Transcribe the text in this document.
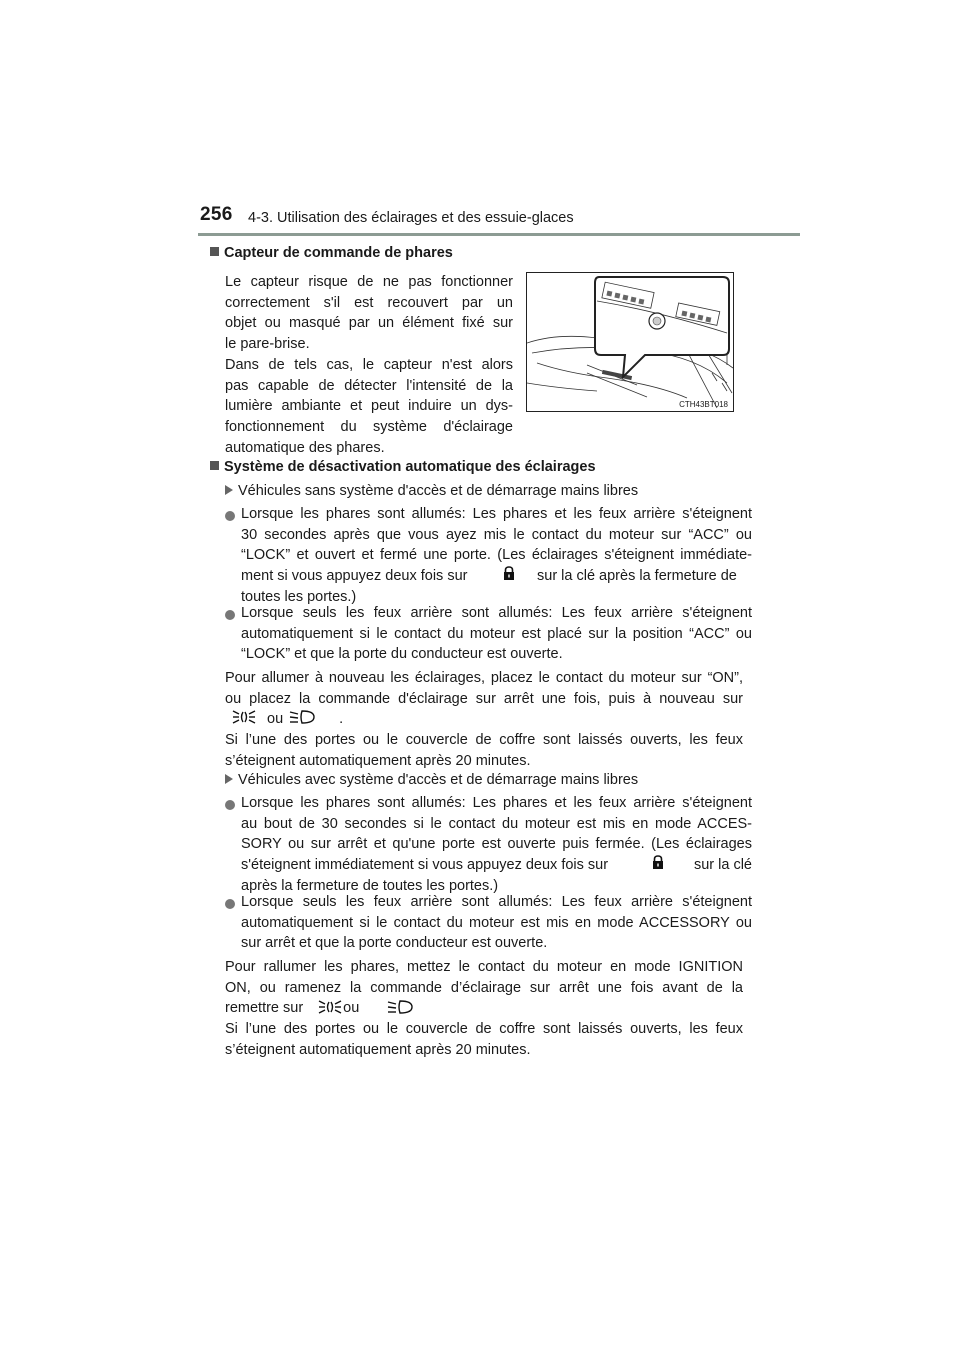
256 4-3. Utilisation des éclairages et des essuie-glaces
Capteur de commande de phares
Le capteur risque de ne pas fonctionner
correctement s'il est recouvert par un
objet ou masqué par un élément fixé sur
le pare-brise.
Dans de tels cas, le capteur n'est alors
pas capable de détecter l'intensité de la
lumière ambiante et peut induire un dys-
fonctionnement du système d'éclairage
automatique des phares.
CTH43BT018
Système de désactivation automatique des éclairages
Véhicules sans système d'accès et de démarrage mains libres
Lorsque les phares sont allumés: Les phares et les feux arrière s'éteignent
30 secondes après que vous ayez mis le contact du moteur sur “ACC” ou
“LOCK” et ouvert et fermé une porte. (Les éclairages s'éteignent immédiate-
ment si vous appuyez deux fois sur	sur la clé après la fermeture de
toutes les portes.)
Lorsque seuls les feux arrière sont allumés: Les feux arrière s'éteignent
automatiquement si le contact du moteur est placé sur la position “ACC” ou
“LOCK” et que la porte du conducteur est ouverte.
Pour allumer à nouveau les éclairages, placez le contact du moteur sur “ON”,
ou placez la commande d'éclairage sur arrêt une fois, puis à nouveau sur
ou	.
Si l’une des portes ou le couvercle de coffre sont laissés ouverts, les feux
s’éteignent automatiquement après 20 minutes.
Véhicules avec système d'accès et de démarrage mains libres
Lorsque les phares sont allumés: Les phares et les feux arrière s'éteignent
au bout de 30 secondes si le contact du moteur est mis en mode ACCES-
SORY ou sur arrêt et qu'une porte est ouverte puis fermée. (Les éclairages
s'éteignent immédiatement si vous appuyez deux fois sur	sur la clé
après la fermeture de toutes les portes.)
Lorsque seuls les feux arrière sont allumés: Les feux arrière s'éteignent
automatiquement si le contact du moteur est mis en mode ACCESSORY ou
sur arrêt et que la porte conducteur est ouverte.
Pour rallumer les phares, mettez le contact du moteur en mode IGNITION
ON, ou ramenez la commande d’éclairage sur arrêt une fois avant de la
remettre sur	ou	.
Si l’une des portes ou le couvercle de coffre sont laissés ouverts, les feux
s’éteignent automatiquement après 20 minutes.
